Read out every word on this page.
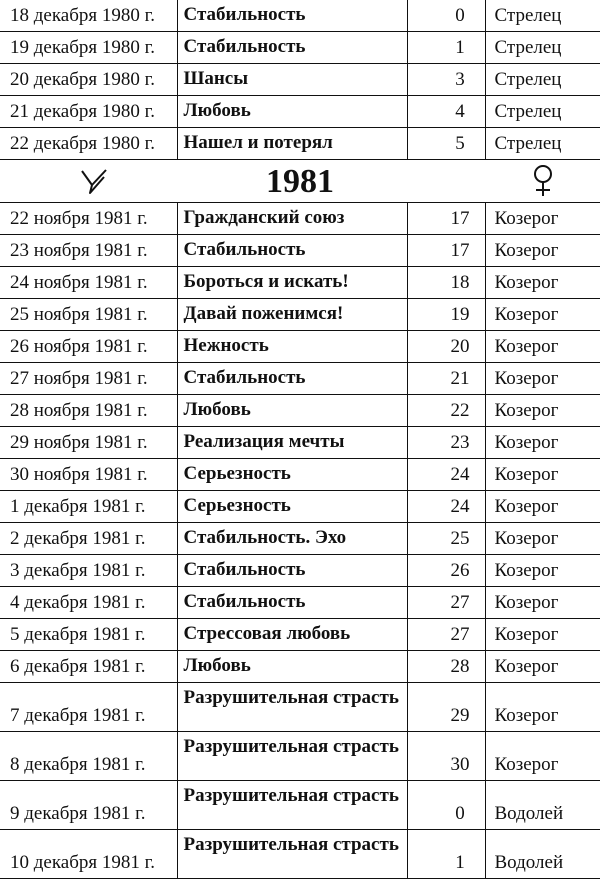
18 декабря 1980 г.	Стабильность	0	Стрелец
19 декабря 1980 г.	Стабильность	1	Стрелец
20 декабря 1980 г.	Шансы	3	Стрелец
21 декабря 1980 г.	Любовь	4	Стрелец
22 декабря 1980 г.	Нашел и потерял	5	Стрелец
1981
22 ноября 1981 г.	Гражданский союз	17	Козерог
23 ноября 1981 г.	Стабильность	17	Козерог
24 ноября 1981 г.	Бороться и искать!	18	Козерог
25 ноября 1981 г.	Давай поженимся!	19	Козерог
26 ноября 1981 г.	Нежность	20	Козерог
27 ноября 1981 г.	Стабильность	21	Козерог
28 ноября 1981 г.	Любовь	22	Козерог
29 ноября 1981 г.	Реализация мечты	23	Козерог
30 ноября 1981 г.	Серьезность	24	Козерог
1 декабря 1981 г.	Серьезность	24	Козерог
2 декабря 1981 г.	Стабильность. Эхо	25	Козерог
3 декабря 1981 г.	Стабильность	26	Козерог
4 декабря 1981 г.	Стабильность	27	Козерог
5 декабря 1981 г.	Стрессовая любовь	27	Козерог
6 декабря 1981 г.	Любовь	28	Козерог
7 декабря 1981 г.	Разрушительная страсть	29	Козерог
8 декабря 1981 г.	Разрушительная страсть	30	Козерог
9 декабря 1981 г.	Разрушительная страсть	0	Водолей
10 декабря 1981 г.	Разрушительная страсть	1	Водолей
